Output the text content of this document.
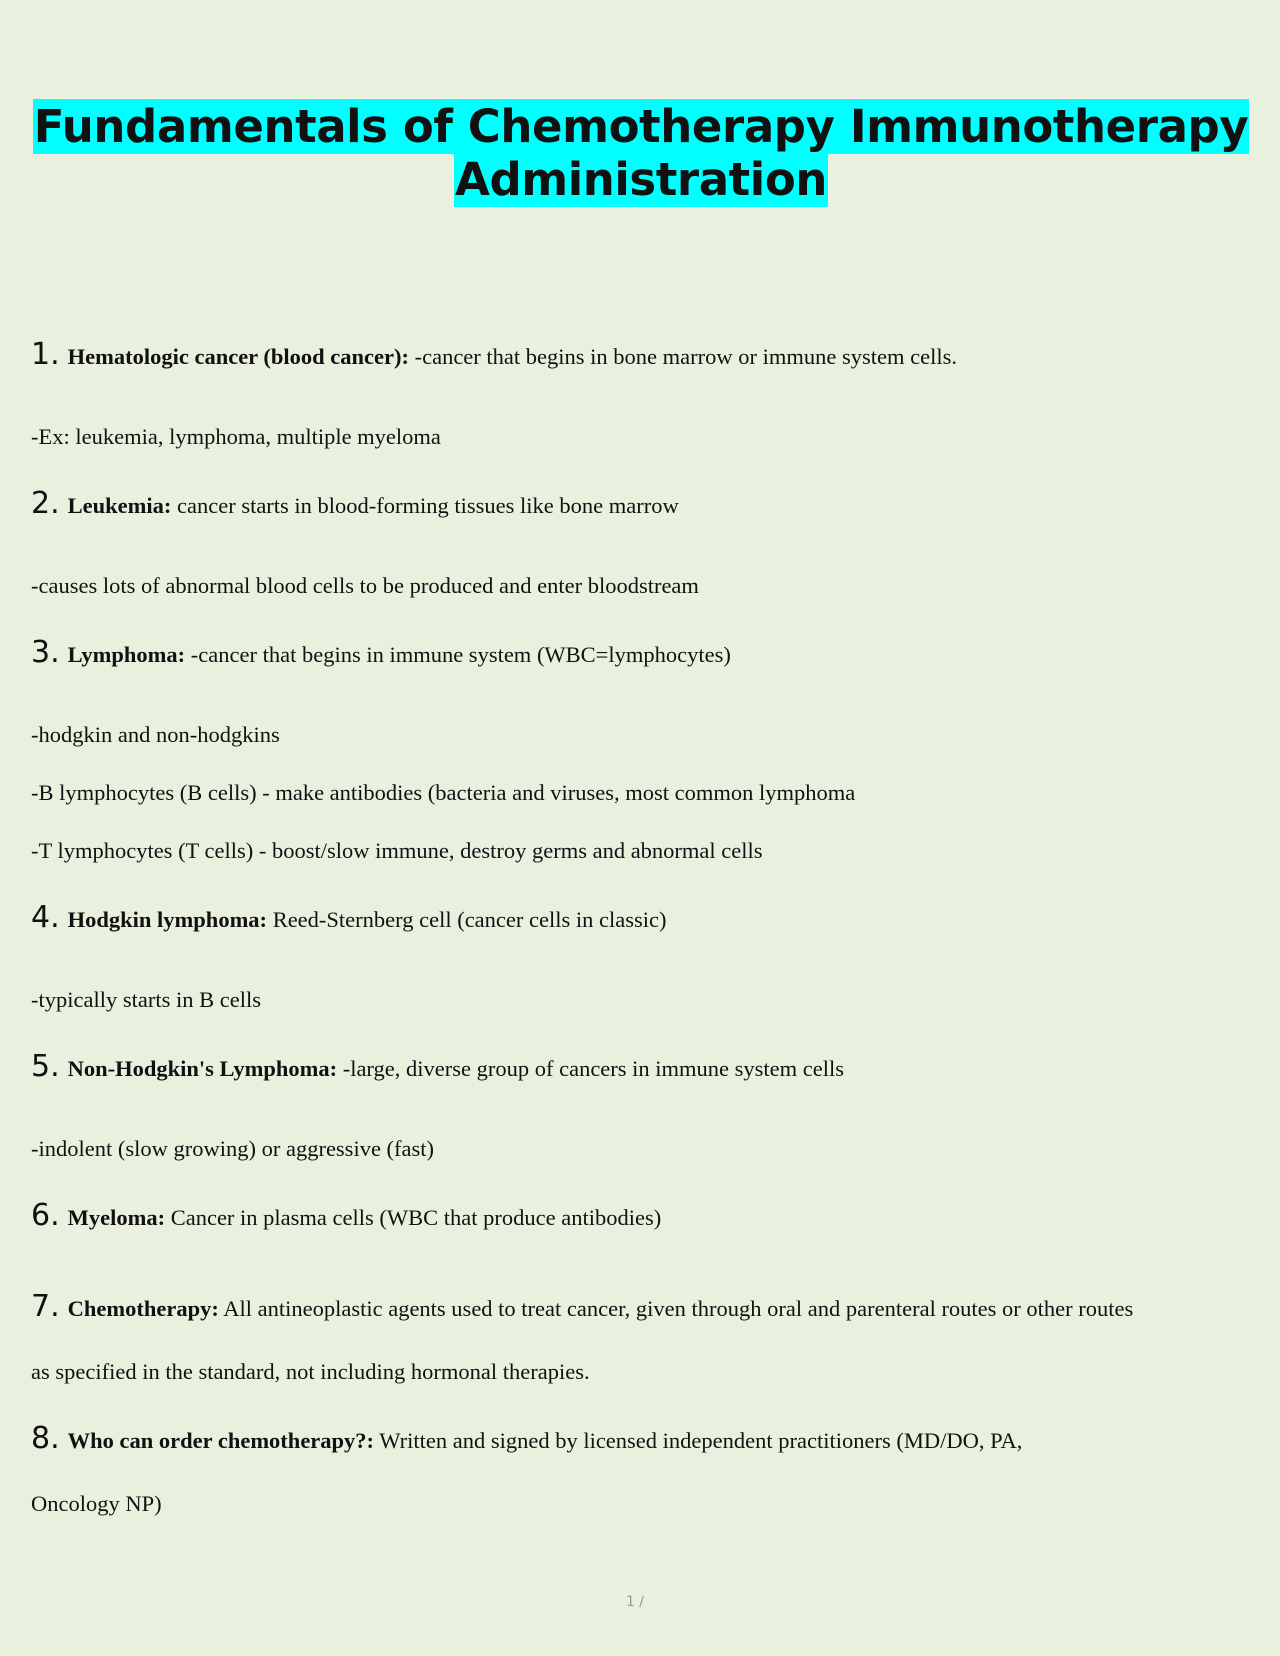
Fundamentals of Chemotherapy Immunotherapy
Administration

1. Hematologic cancer (blood cancer): -cancer that begins in bone marrow or immune system cells.

-Ex: leukemia, lymphoma, multiple myeloma

2. Leukemia: cancer starts in blood-forming tissues like bone marrow

-causes lots of abnormal blood cells to be produced and enter bloodstream

3. Lymphoma: -cancer that begins in immune system (WBC=lymphocytes)

-hodgkin and non-hodgkins

-B lymphocytes (B cells) - make antibodies (bacteria and viruses, most common lymphoma

-T lymphocytes (T cells) - boost/slow immune, destroy germs and abnormal cells

4. Hodgkin lymphoma: Reed-Sternberg cell (cancer cells in classic)

-typically starts in B cells

5. Non-Hodgkin's Lymphoma: -large, diverse group of cancers in immune system cells

-indolent (slow growing) or aggressive (fast)

6. Myeloma: Cancer in plasma cells (WBC that produce antibodies)

7. Chemotherapy: All antineoplastic agents used to treat cancer, given through oral and parenteral routes or other routes

as specified in the standard, not including hormonal therapies.

8. Who can order chemotherapy?: Written and signed by licensed independent practitioners (MD/DO, PA,

Oncology NP)

1 /
